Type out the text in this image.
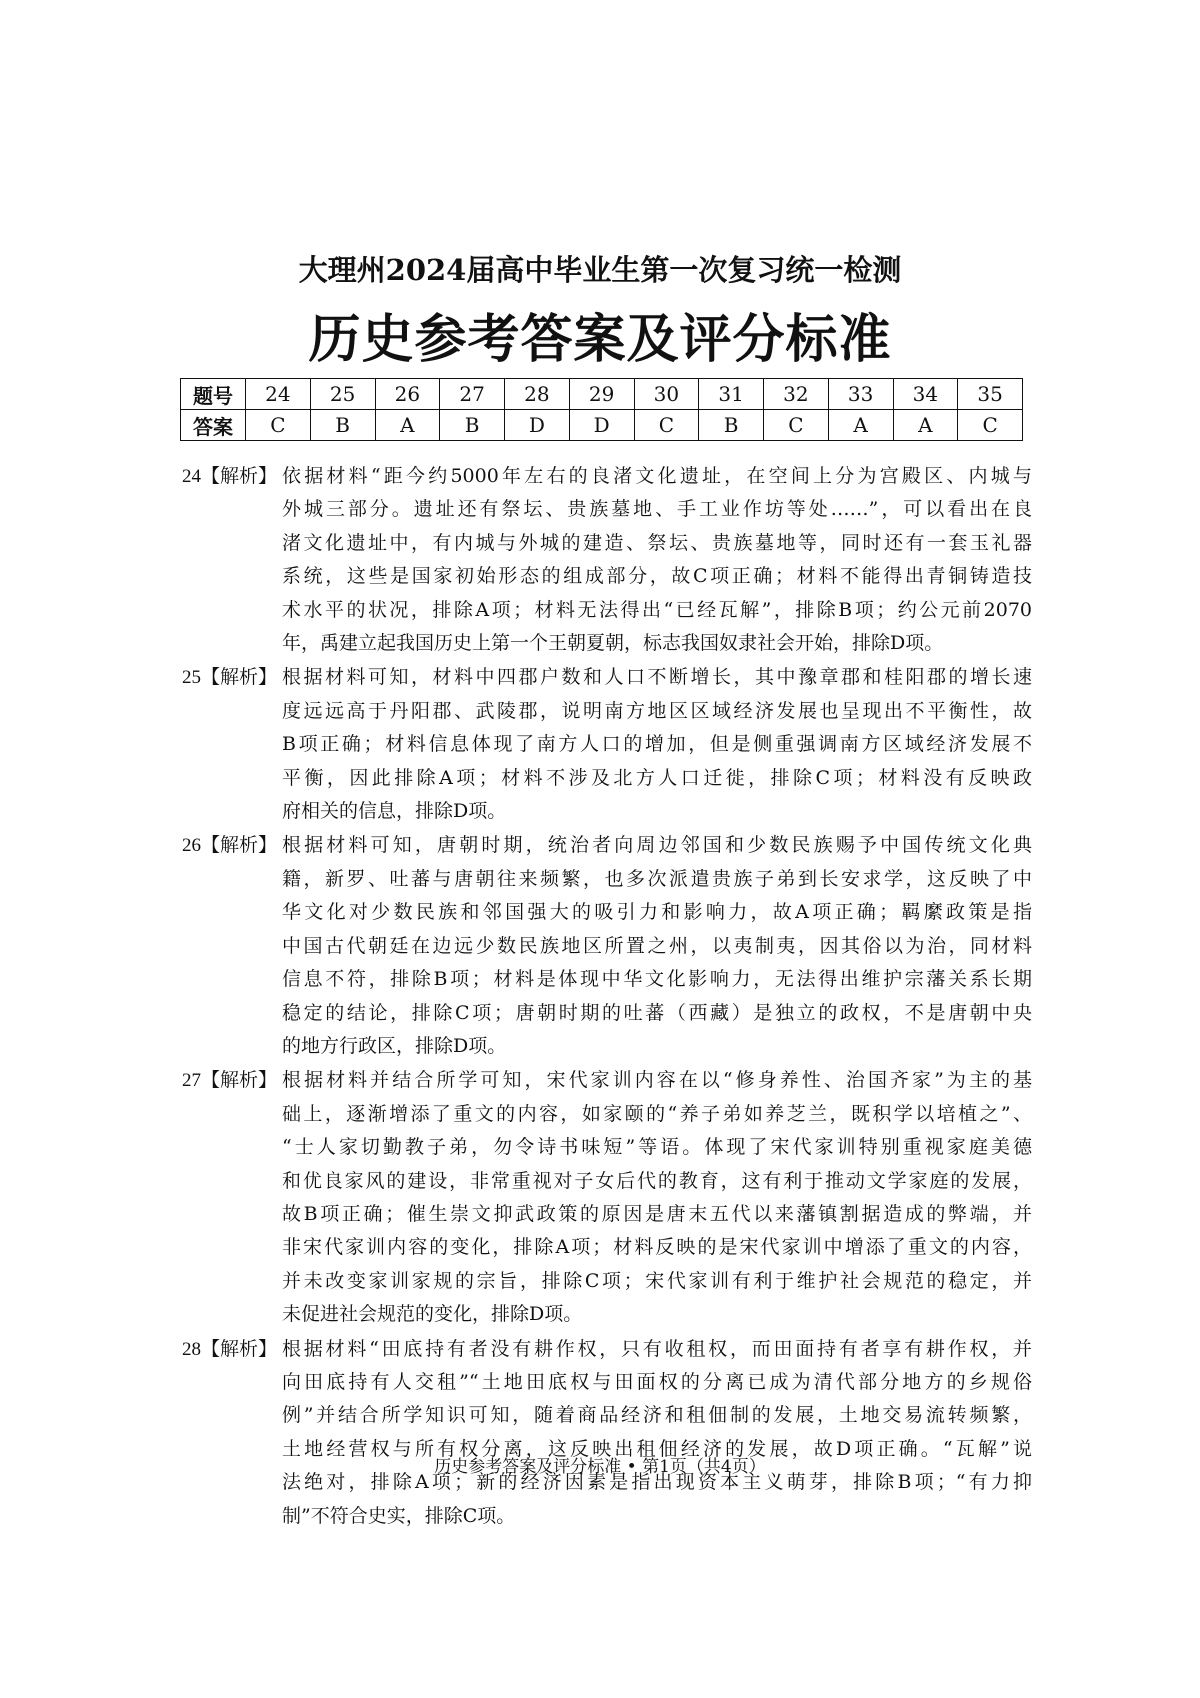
大理州2024届高中毕业生第一次复习统一检测
历史参考答案及评分标准
题号	24	25	26	27	28	29	30	31	32	33	34	35
答案	C	B	A	B	D	D	C	B	C	A	A	C
24【解析】 依据材料“距今约5000年左右的良渚文化遗址，在空间上分为宫殿区、内城与
外城三部分。遗址还有祭坛、贵族墓地、手工业作坊等处……”，可以看出在良
渚文化遗址中，有内城与外城的建造、祭坛、贵族墓地等，同时还有一套玉礼器
系统，这些是国家初始形态的组成部分，故C项正确；材料不能得出青铜铸造技
术水平的状况，排除A项；材料无法得出“已经瓦解”，排除B项；约公元前2070
年，禹建立起我国历史上第一个王朝夏朝，标志我国奴隶社会开始，排除D项。
25【解析】 根据材料可知，材料中四郡户数和人口不断增长，其中豫章郡和桂阳郡的增长速
度远远高于丹阳郡、武陵郡，说明南方地区区域经济发展也呈现出不平衡性，故
B项正确；材料信息体现了南方人口的增加，但是侧重强调南方区域经济发展不
平衡，因此排除A项；材料不涉及北方人口迁徙，排除C项；材料没有反映政
府相关的信息，排除D项。
26【解析】 根据材料可知，唐朝时期，统治者向周边邻国和少数民族赐予中国传统文化典
籍，新罗、吐蕃与唐朝往来频繁，也多次派遣贵族子弟到长安求学，这反映了中
华文化对少数民族和邻国强大的吸引力和影响力，故A项正确；羁縻政策是指
中国古代朝廷在边远少数民族地区所置之州，以夷制夷，因其俗以为治，同材料
信息不符，排除B项；材料是体现中华文化影响力，无法得出维护宗藩关系长期
稳定的结论，排除C项；唐朝时期的吐蕃（西藏）是独立的政权，不是唐朝中央
的地方行政区，排除D项。
27【解析】 根据材料并结合所学可知，宋代家训内容在以“修身养性、治国齐家”为主的基
础上，逐渐增添了重文的内容，如家颐的“养子弟如养芝兰，既积学以培植之”、
“士人家切勤教子弟，勿令诗书味短”等语。体现了宋代家训特别重视家庭美德
和优良家风的建设，非常重视对子女后代的教育，这有利于推动文学家庭的发展，
故B项正确；催生崇文抑武政策的原因是唐末五代以来藩镇割据造成的弊端，并
非宋代家训内容的变化，排除A项；材料反映的是宋代家训中增添了重文的内容，
并未改变家训家规的宗旨，排除C项；宋代家训有利于维护社会规范的稳定，并
未促进社会规范的变化，排除D项。
28【解析】 根据材料“田底持有者没有耕作权，只有收租权，而田面持有者享有耕作权，并
向田底持有人交租”“土地田底权与田面权的分离已成为清代部分地方的乡规俗
例”并结合所学知识可知，随着商品经济和租佃制的发展，土地交易流转频繁，
土地经营权与所有权分离，这反映出租佃经济的发展，故D项正确。“瓦解”说
法绝对，排除A项；新的经济因素是指出现资本主义萌芽，排除B项；“有力抑
制”不符合史实，排除C项。
历史参考答案及评分标准 • 第1页（共4页）
